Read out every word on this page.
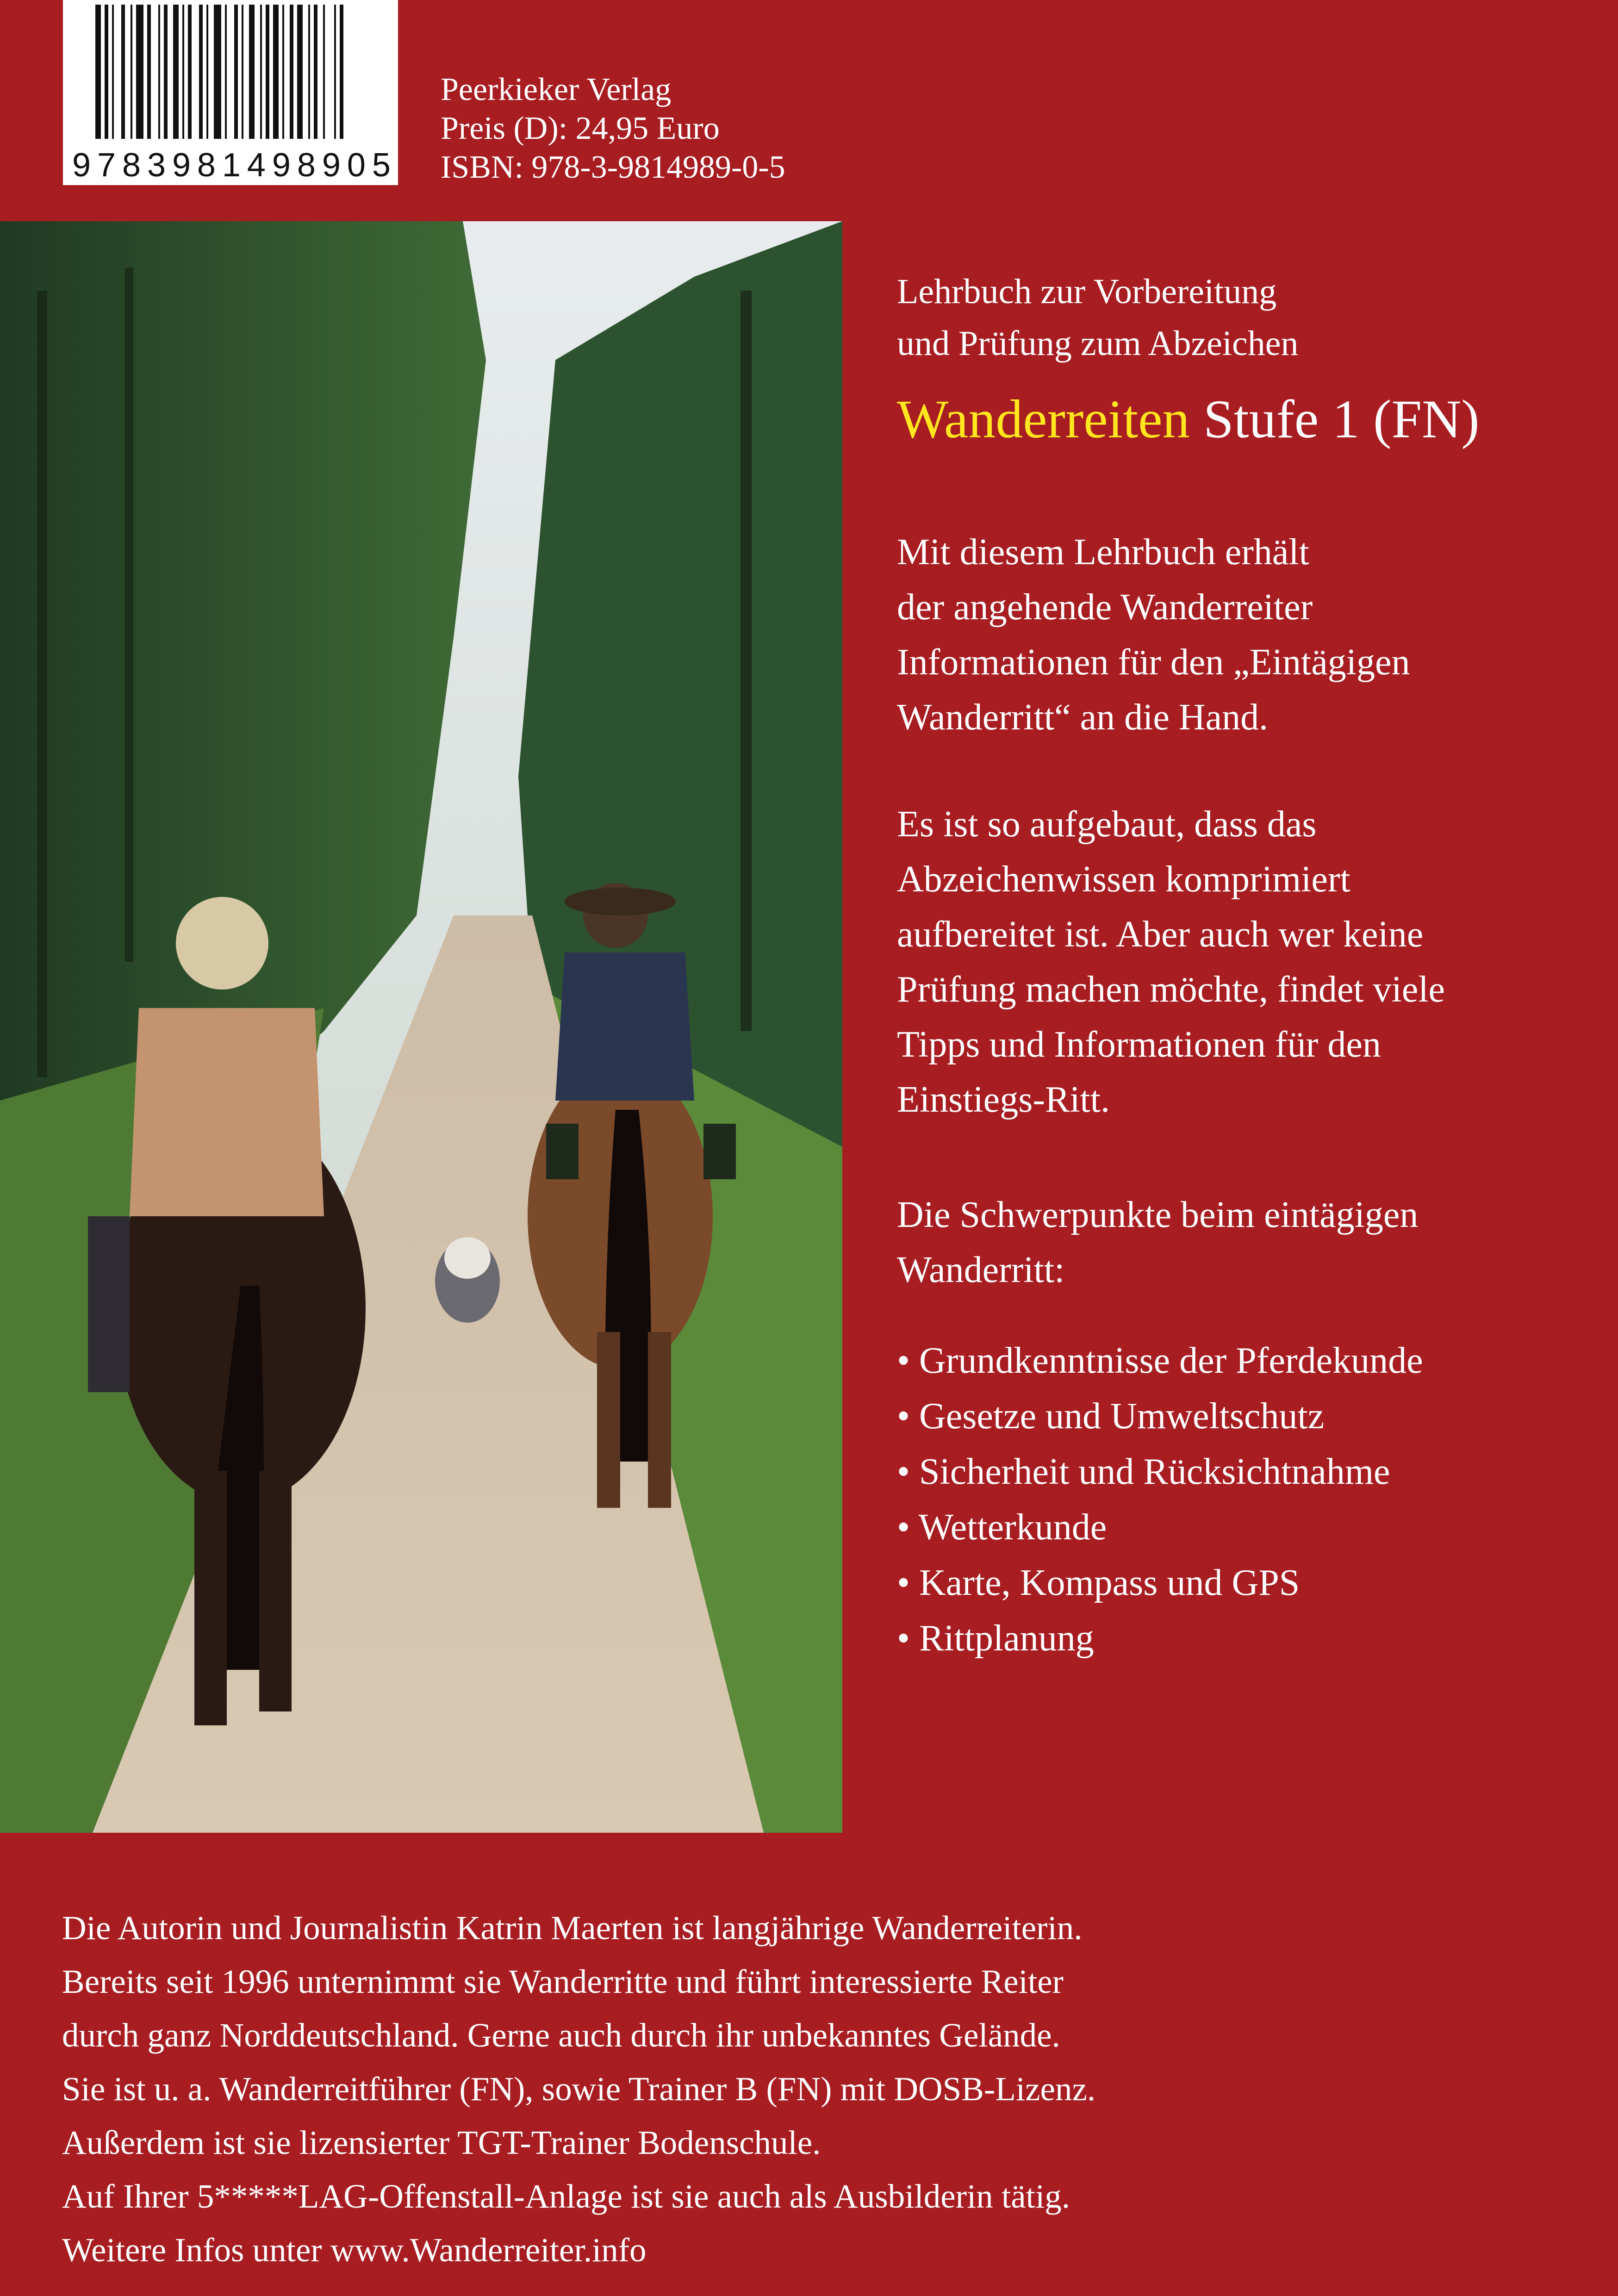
9 7 8 3 9 8 1 4 9 8 9 0 5
Peerkieker Verlag
Preis (D): 24,95 Euro
ISBN: 978-3-9814989-0-5
Lehrbuch zur Vorbereitung
und Prüfung zum Abzeichen
Wanderreiten Stufe 1 (FN)
Mit diesem Lehrbuch erhält
der angehende Wanderreiter
Informationen für den „Eintägigen
Wanderritt“ an die Hand.
Es ist so aufgebaut, dass das
Abzeichenwissen komprimiert
aufbereitet ist. Aber auch wer keine
Prüfung machen möchte, findet viele
Tipps und Informationen für den
Einstiegs-Ritt.
Die Schwerpunkte beim eintägigen
Wanderritt:
• Grundkenntnisse der Pferdekunde
• Gesetze und Umweltschutz
• Sicherheit und Rücksichtnahme
• Wetterkunde
• Karte, Kompass und GPS
• Rittplanung
Die Autorin und Journalistin Katrin Maerten ist langjährige Wanderreiterin.
Bereits seit 1996 unternimmt sie Wanderritte und führt interessierte Reiter
durch ganz Norddeutschland. Gerne auch durch ihr unbekanntes Gelände.
Sie ist u. a. Wanderreitführer (FN), sowie Trainer B (FN) mit DOSB-Lizenz.
Außerdem ist sie lizensierter TGT-Trainer Bodenschule.
Auf Ihrer 5*****LAG-Offenstall-Anlage ist sie auch als Ausbilderin tätig.
Weitere Infos unter www.Wanderreiter.info
